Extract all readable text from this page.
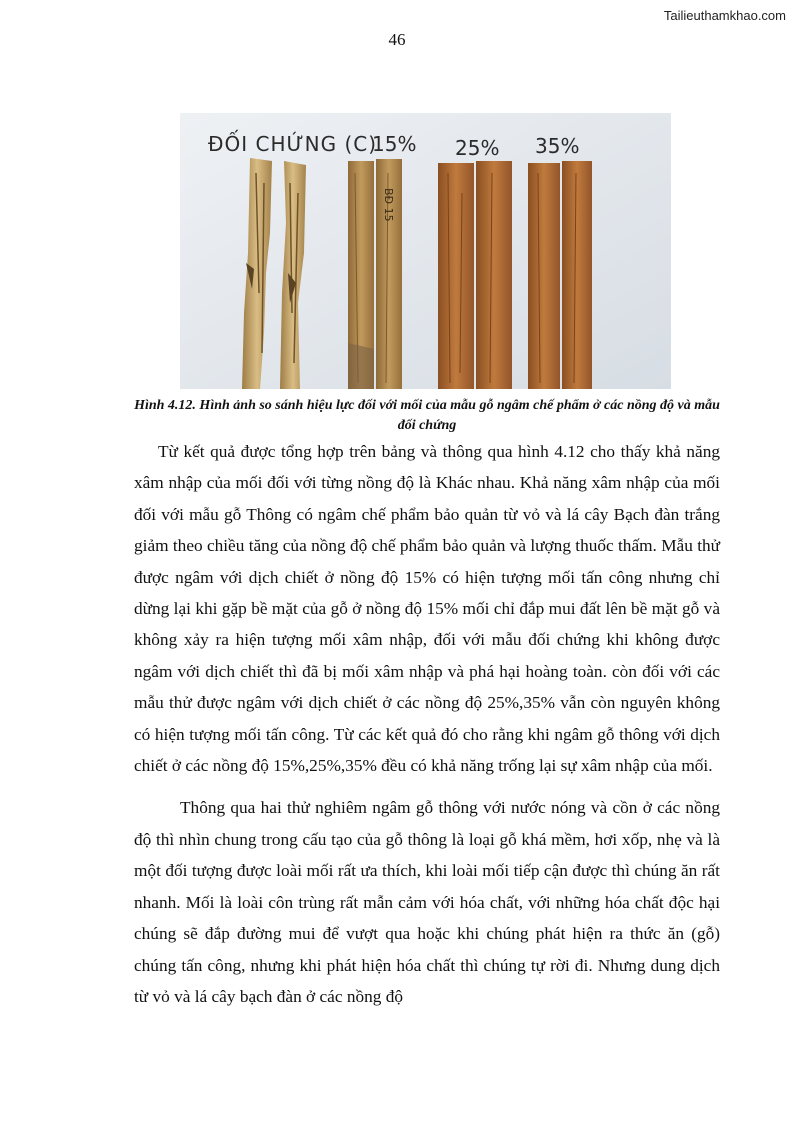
Tailieuthamkhao.com
46
BĐ 15
ĐỐI CHỨNG (C)
15% 25% 35%
Hình 4.12. Hình ảnh so sánh hiệu lực đối với mối của mẫu gỗ ngâm chế phẩm ở các nồng độ và mẫu đối chứng

Từ kết quả được tổng hợp trên bảng và thông qua hình 4.12 cho thấy khả năng xâm nhập của mối đối với từng nồng độ là Khác nhau. Khả năng xâm nhập của mối đối với mẫu gỗ Thông có ngâm chế phẩm bảo quản từ vỏ và lá cây Bạch đàn trắng giảm theo chiều tăng của nồng độ chế phẩm bảo quản và lượng thuốc thấm. Mẫu thử được ngâm với dịch chiết ở nồng độ 15% có hiện tượng mối tấn công nhưng chỉ dừng lại khi gặp bề mặt của gỗ ở nồng độ 15% mối chỉ đắp mui đất lên bề mặt gỗ và không xảy ra hiện tượng mối xâm nhập, đối với mẫu đối chứng khi không được ngâm với dịch chiết thì đã bị mối xâm nhập và phá hại hoàng toàn. còn đối với các mẫu thử được ngâm với dịch chiết ở các nồng độ 25%,35% vẫn còn nguyên không có hiện tượng mối tấn công. Từ các kết quả đó cho rằng khi ngâm gỗ thông với dịch chiết ở các nồng độ 15%,25%,35% đều có khả năng trống lại sự xâm nhập của mối.

Thông qua hai thử nghiêm ngâm gỗ thông với nước nóng và cồn ở các nồng độ thì nhìn chung trong cấu tạo của gỗ thông là loại gỗ khá mềm, hơi xốp, nhẹ và là một đối tượng được loài mối rất ưa thích, khi loài mối tiếp cận được thì chúng ăn rất nhanh. Mối là loài côn trùng rất mẫn cảm với hóa chất, với những hóa chất độc hại chúng sẽ đắp đường mui để vượt qua hoặc khi chúng phát hiện ra thức ăn (gỗ) chúng tấn công, nhưng khi phát hiện hóa chất thì chúng tự rời đi. Nhưng dung dịch từ vỏ và lá cây bạch đàn ở các nồng độ
